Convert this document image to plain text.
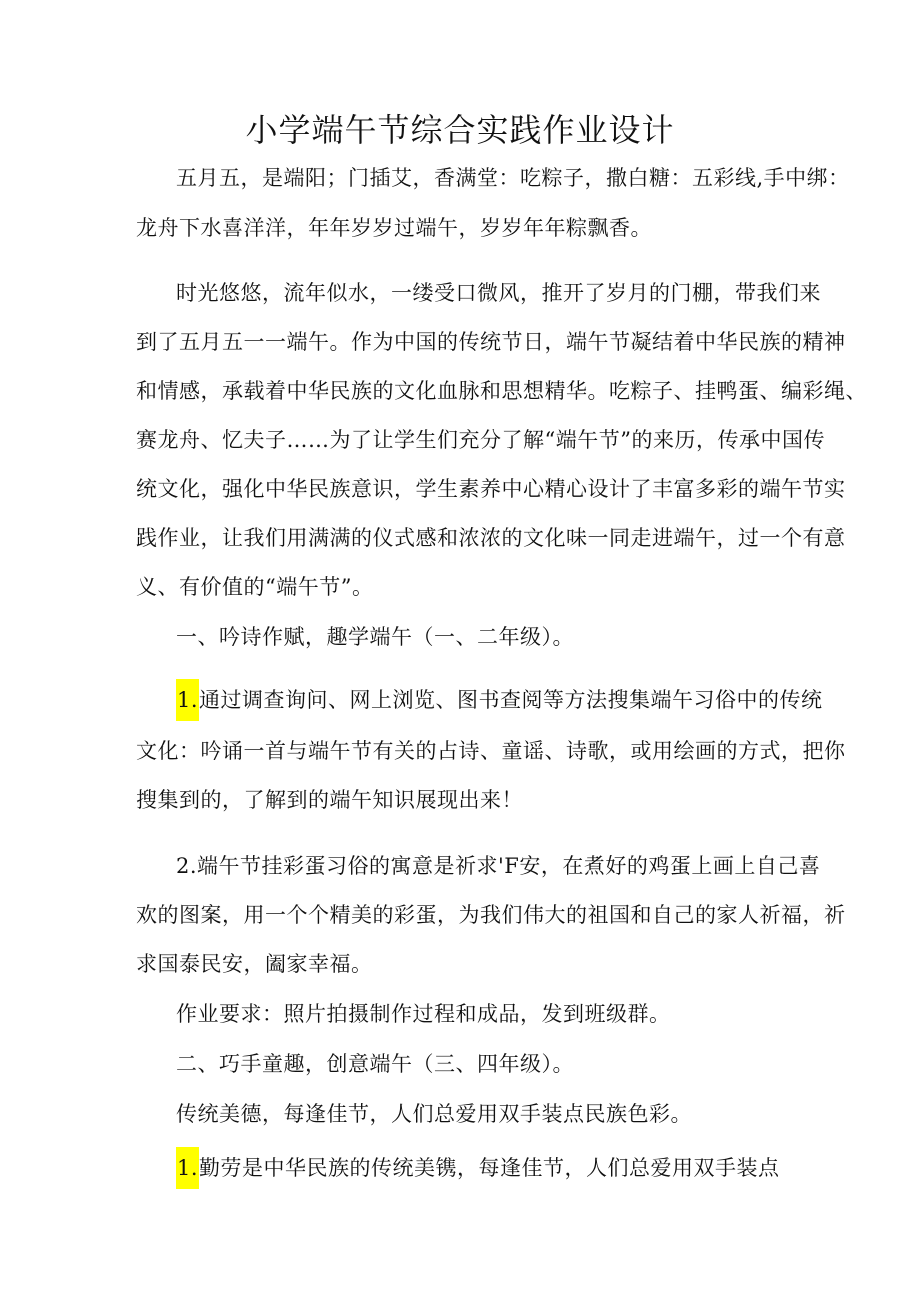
小学端午节综合实践作业设计
五月五，是端阳；门插艾，香满堂：吃粽子，撒白糖：五彩线,手中绑：
龙舟下水喜洋洋，年年岁岁过端午，岁岁年年粽飘香。
时光悠悠，流年似水，一缕受口微风，推开了岁月的门棚，带我们来
到了五月五一一端午。作为中国的传统节日，端午节凝结着中华民族的精神
和情感，承载着中华民族的文化血脉和思想精华。吃粽子、挂鸭蛋、编彩绳、
赛龙舟、忆夫子……为了让学生们充分了解“端午节”的来历，传承中国传
统文化，强化中华民族意识，学生素养中心精心设计了丰富多彩的端午节实
践作业，让我们用满满的仪式感和浓浓的文化味一同走进端午，过一个有意
义、有价值的“端午节”。
一、吟诗作赋，趣学端午（一、二年级）。
1.通过调查询问、网上浏览、图书查阅等方法搜集端午习俗中的传统
文化：吟诵一首与端午节有关的占诗、童谣、诗歌，或用绘画的方式，把你
搜集到的，了解到的端午知识展现出来！
2.端午节挂彩蛋习俗的寓意是祈求'F安，在煮好的鸡蛋上画上自己喜
欢的图案，用一个个精美的彩蛋，为我们伟大的祖国和自己的家人祈福，祈
求国泰民安，阖家幸福。
作业要求：照片拍摄制作过程和成品，发到班级群。
二、巧手童趣，创意端午（三、四年级）。
传统美德，每逢佳节，人们总爱用双手装点民族色彩。
1.勤劳是中华民族的传统美镌，每逢佳节，人们总爱用双手装点
